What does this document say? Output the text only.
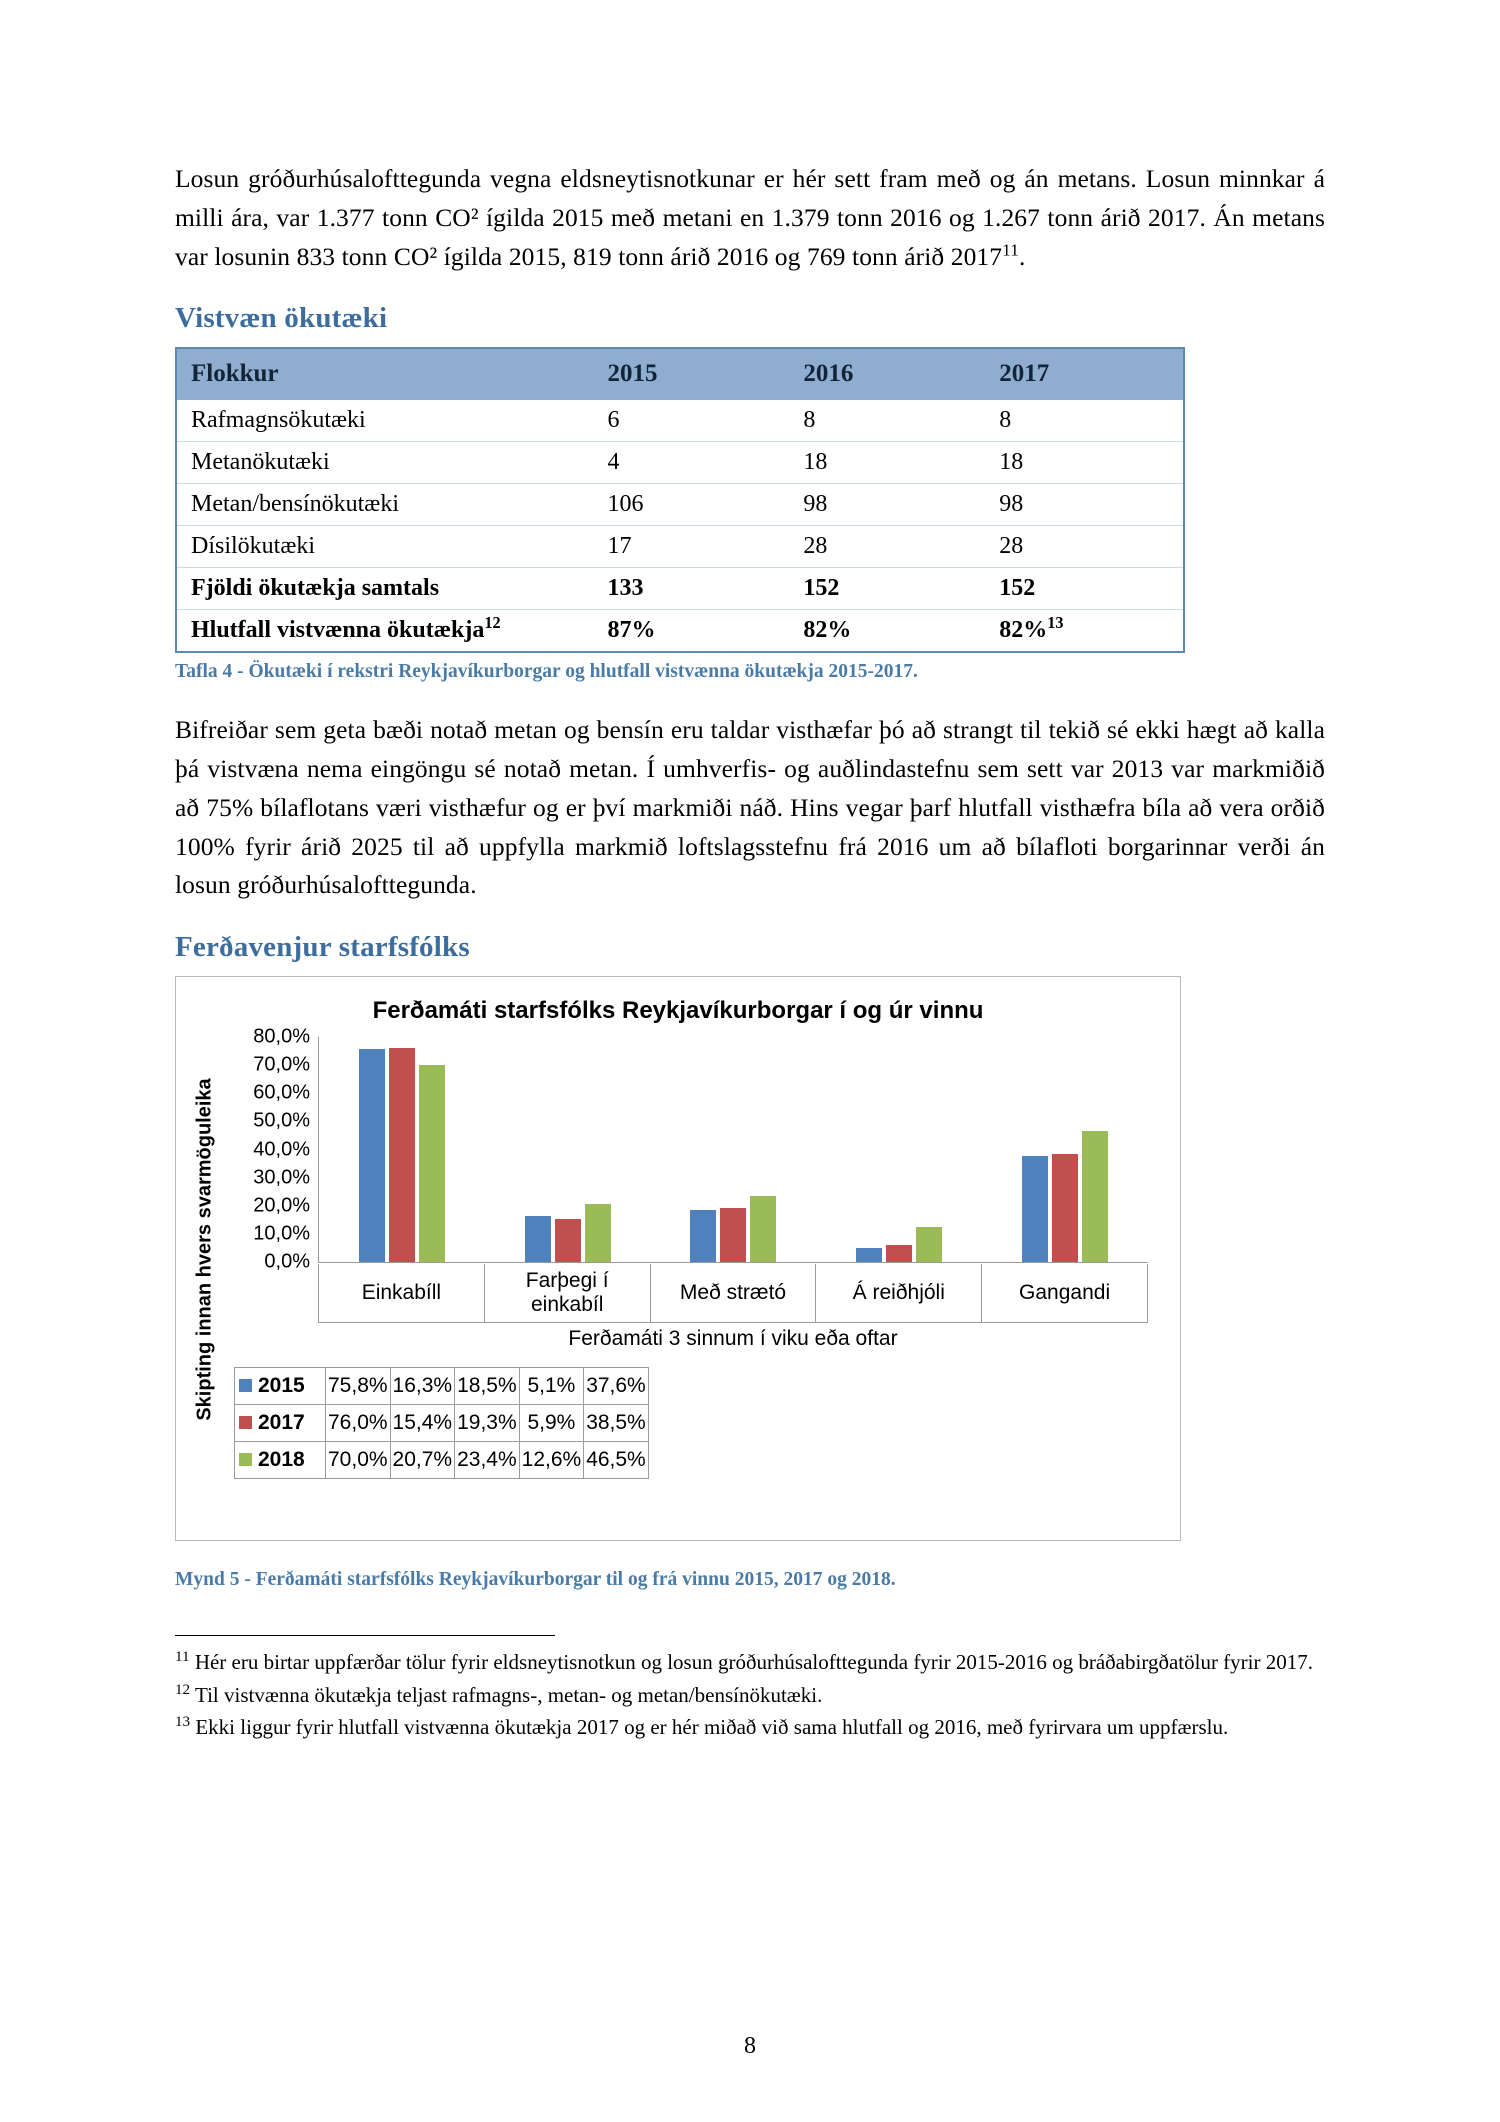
Losun gróðurhúsalofttegunda vegna eldsneytisnotkunar er hér sett fram með og án metans. Losun minnkar á milli ára, var 1.377 tonn CO² ígilda 2015 með metani en 1.379 tonn 2016 og 1.267 tonn árið 2017. Án metans var losunin 833 tonn CO² ígilda 2015, 819 tonn árið 2016 og 769 tonn árið 2017$^{11}$.

Vistvæn ökutæki
Flokkur	2015	2016	2017
Rafmagnsökutæki	6	8	8
Metanökutæki	4	18	18
Metan/bensínökutæki	106	98	98
Dísilökutæki	17	28	28
Fjöldi ökutækja samtals	133	152	152
Hlutfall vistvænna ökutækja$^{12}$	87%	82%	82%$^{13}$
Tafla 4 - Ökutæki í rekstri Reykjavíkurborgar og hlutfall vistvænna ökutækja 2015-2017.

Bifreiðar sem geta bæði notað metan og bensín eru taldar visthæfar þó að strangt til tekið sé ekki hægt að kalla þá vistvæna nema eingöngu sé notað metan. Í umhverfis- og auðlindastefnu sem sett var 2013 var markmiðið að 75% bílaflotans væri visthæfur og er því markmiði náð. Hins vegar þarf hlutfall visthæfra bíla að vera orðið 100% fyrir árið 2025 til að uppfylla markmið loftslagsstefnu frá 2016 um að bílafloti borgarinnar verði án losun gróðurhúsalofttegunda.

Ferðavenjur starfsfólks
Ferðamáti starfsfólks Reykjavíkurborgar í og úr vinnu
Skipting innan hvers svarmöguleika 0,0%
10,0%
20,0%
30,0%
40,0%
50,0%
60,0%
70,0%
80,0%
Einkabíll
Farþegi í einkabíl
Með strætó	Á reiðhjóli	Gangandi
Ferðamáti 3 sinnum í viku eða oftar
2015	75,8%	16,3%	18,5%	5,1%	37,6%
2017	76,0%	15,4%	19,3%	5,9%	38,5%
2018	70,0%	20,7%	23,4%	12,6%	46,5%
Mynd 5 - Ferðamáti starfsfólks Reykjavíkurborgar til og frá vinnu 2015, 2017 og 2018.

$^{11}$ Hér eru birtar uppfærðar tölur fyrir eldsneytisnotkun og losun gróðurhúsalofttegunda fyrir 2015-2016 og bráðabirgðatölur fyrir 2017.

$^{12}$ Til vistvænna ökutækja teljast rafmagns-, metan- og metan/bensínökutæki.

$^{13}$ Ekki liggur fyrir hlutfall vistvænna ökutækja 2017 og er hér miðað við sama hlutfall og 2016, með fyrirvara um uppfærslu.

8
